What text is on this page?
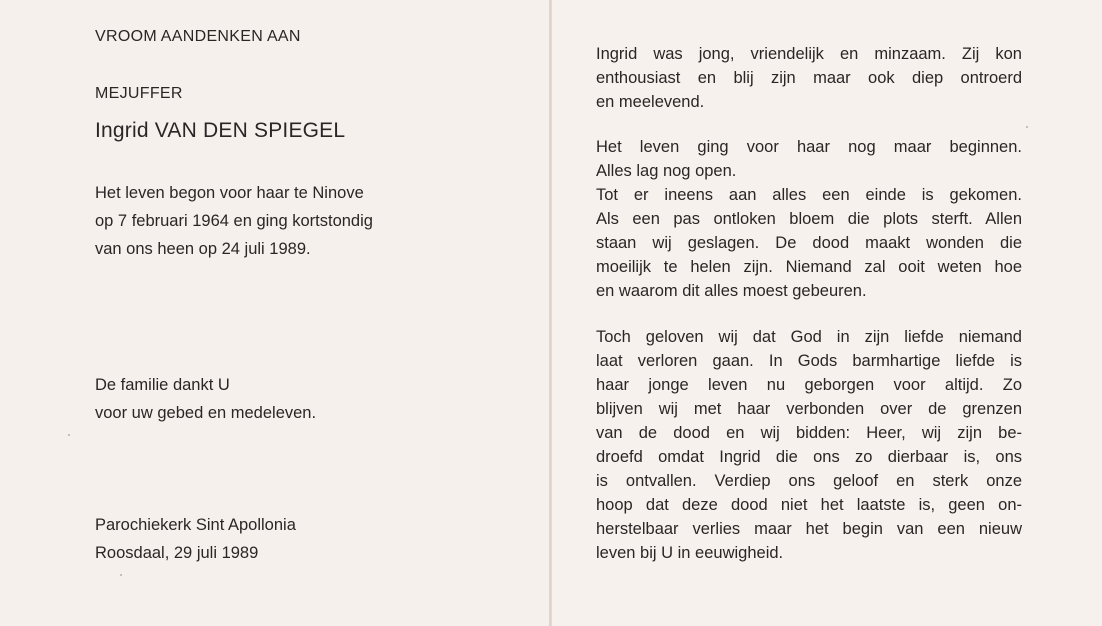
VROOM AANDENKEN AAN
MEJUFFER
Ingrid VAN DEN SPIEGEL
Het leven begon voor haar te Ninove
op 7 februari 1964 en ging kortstondig
van ons heen op 24 juli 1989.
De familie dankt U
voor uw gebed en medeleven.
Parochiekerk Sint Apollonia
Roosdaal, 29 juli 1989
Ingrid was jong, vriendelijk en minzaam. Zij kon
enthousiast en blij zijn maar ook diep ontroerd
en meelevend.
Het leven ging voor haar nog maar beginnen.
Alles lag nog open.
Tot er ineens aan alles een einde is gekomen.
Als een pas ontloken bloem die plots sterft. Allen
staan wij geslagen. De dood maakt wonden die
moeilijk te helen zijn. Niemand zal ooit weten hoe
en waarom dit alles moest gebeuren.
Toch geloven wij dat God in zijn liefde niemand
laat verloren gaan. In Gods barmhartige liefde is
haar jonge leven nu geborgen voor altijd. Zo
blijven wij met haar verbonden over de grenzen
van de dood en wij bidden: Heer, wij zijn be-
droefd omdat Ingrid die ons zo dierbaar is, ons
is ontvallen. Verdiep ons geloof en sterk onze
hoop dat deze dood niet het laatste is, geen on-
herstelbaar verlies maar het begin van een nieuw
leven bij U in eeuwigheid.
